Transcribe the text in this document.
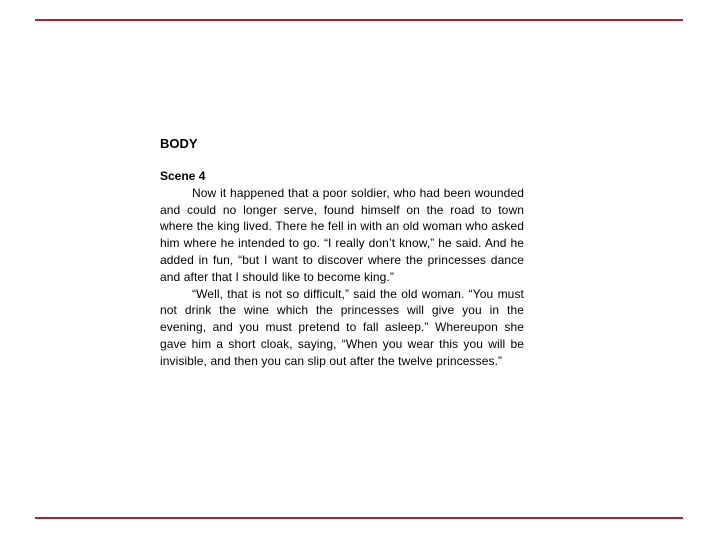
BODY
Scene 4

Now it happened that a poor soldier, who had been wounded and could no longer serve, found himself on the road to town where the king lived. There he fell in with an old woman who asked him where he intended to go. “I really don’t know,” he said. And he added in fun, “but I want to discover where the princesses dance and after that I should like to become king.”

“Well, that is not so difficult,” said the old woman. “You must not drink the wine which the princesses will give you in the evening, and you must pretend to fall asleep.” Whereupon she gave him a short cloak, saying, “When you wear this you will be invisible, and then you can slip out after the twelve princesses.”
